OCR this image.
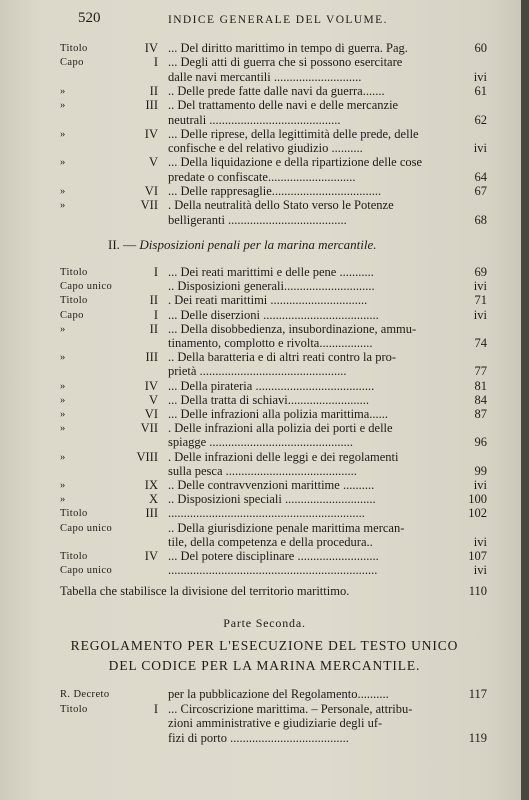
520	INDICE GENERALE DEL VOLUME.
Titolo	IV ... Del diritto marittimo in tempo di guerra. Pag.	60
Capo	I ... Degli atti di guerra che si possono esercitare
dalle navi mercantili ............................	ivi
»	II .. Delle prede fatte dalle navi da guerra.......	61
»	III .. Del trattamento delle navi e delle mercanzie
neutrali ..........................................	62
»	IV ... Delle riprese, della legittimità delle prede, delle
confische e del relativo giudizio ..........	ivi
»	V ... Della liquidazione e della ripartizione delle cose
predate o confiscate............................	64
»	VI ... Delle rappresaglie...................................	67
»	VII . Della neutralità dello Stato verso le Potenze
belligeranti ......................................	68
II. — Disposizioni penali per la marina mercantile.
Titolo	I ... Dei reati marittimi e delle pene ...........	69
Capo unico	.. Disposizioni generali.............................	ivi
Titolo	II . Dei reati marittimi ...............................	71
Capo	I ... Delle diserzioni .....................................	ivi
»	II ... Della disobbedienza, insubordinazione, ammu-
tinamento, complotto e rivolta.................	74
»	III .. Della baratteria e di altri reati contro la pro-
prietà ...............................................	77
»	IV ... Della pirateria ......................................	81
»	V ... Della tratta di schiavi..........................	84
»	VI ... Delle infrazioni alla polizia marittima......	87
»	VII . Delle infrazioni alla polizia dei porti e delle
spiagge ..............................................	96
»	VIII . Delle infrazioni delle leggi e dei regolamenti
sulla pesca ..........................................	99
»	IX .. Delle contravvenzioni marittime ..........	ivi
»	X .. Disposizioni speciali .............................	100
Titolo	III ...............................................................	102
Capo unico	.. Della giurisdizione penale marittima mercan-
tile, della competenza e della procedura..	ivi
Titolo	IV ... Del potere disciplinare ..........................	107
Capo unico	...................................................................	ivi
Tabella che stabilisce la divisione del territorio marittimo.	110
Parte Seconda.
REGOLAMENTO PER L'ESECUZIONE DEL TESTO UNICO
DEL CODICE PER LA MARINA MERCANTILE.
R. Decreto	per la pubblicazione del Regolamento..........	117
Titolo	I ... Circoscrizione marittima. – Personale, attribu-
zioni amministrative e giudiziarie degli uf-
fizi di porto ......................................	119
